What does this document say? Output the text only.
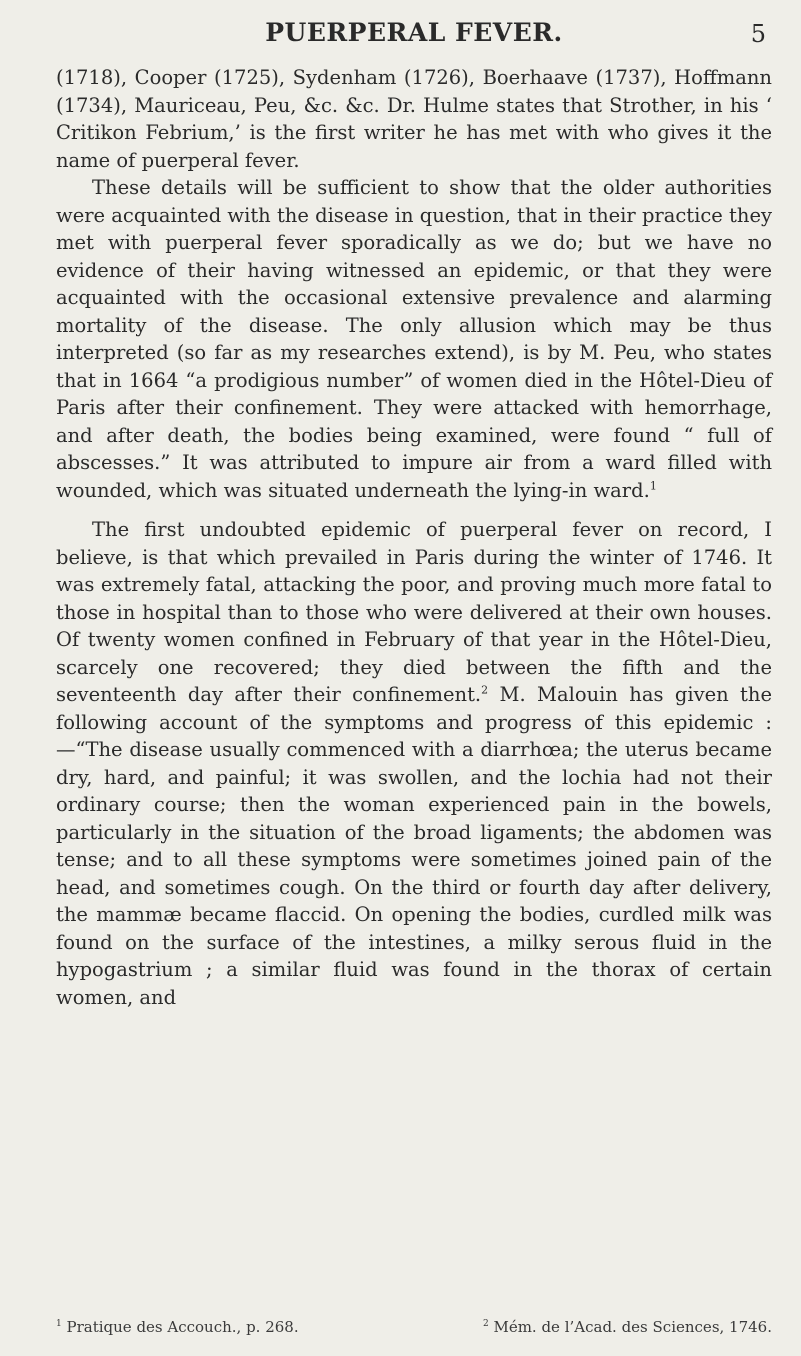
PUERPERAL FEVER.	5

(1718), Cooper (1725), Sydenham (1726), Boerhaave (1737), Hoffmann (1734), Mauriceau, Peu, &c. &c. Dr. Hulme states that Strother, in his ‘ Critikon Febrium,’ is the first writer he has met with who gives it the name of puerperal fever.

These details will be sufficient to show that the older authorities were acquainted with the disease in question, that in their practice they met with puerperal fever sporadically as we do; but we have no evidence of their having witnessed an epidemic, or that they were acquainted with the occasional extensive prevalence and alarming mortality of the disease. The only allusion which may be thus interpreted (so far as my researches extend), is by M. Peu, who states that in 1664 “a prodigious number” of women died in the Hôtel-Dieu of Paris after their confinement. They were attacked with hemorrhage, and after death, the bodies being examined, were found “ full of abscesses.” It was attributed to impure air from a ward filled with wounded, which was situated underneath the lying-in ward.$^1$

The first undoubted epidemic of puerperal fever on record, I believe, is that which prevailed in Paris during the winter of 1746. It was extremely fatal, attacking the poor, and proving much more fatal to those in hospital than to those who were delivered at their own houses. Of twenty women confined in February of that year in the Hôtel-Dieu, scarcely one recovered; they died between the fifth and the seventeenth day after their confinement.$^2$ M. Malouin has given the following account of the symptoms and progress of this epidemic :—“The disease usually commenced with a diarrhœa; the uterus became dry, hard, and painful; it was swollen, and the lochia had not their ordinary course; then the woman experienced pain in the bowels, particularly in the situation of the broad ligaments; the abdomen was tense; and to all these symptoms were sometimes joined pain of the head, and sometimes cough. On the third or fourth day after delivery, the mammæ became flaccid. On opening the bodies, curdled milk was found on the surface of the intestines, a milky serous fluid in the hypogastrium ; a similar fluid was found in the thorax of certain women, and

$^1$ Pratique des Accouch., p. 268.	$^2$ Mém. de l’Acad. des Sciences, 1746.
